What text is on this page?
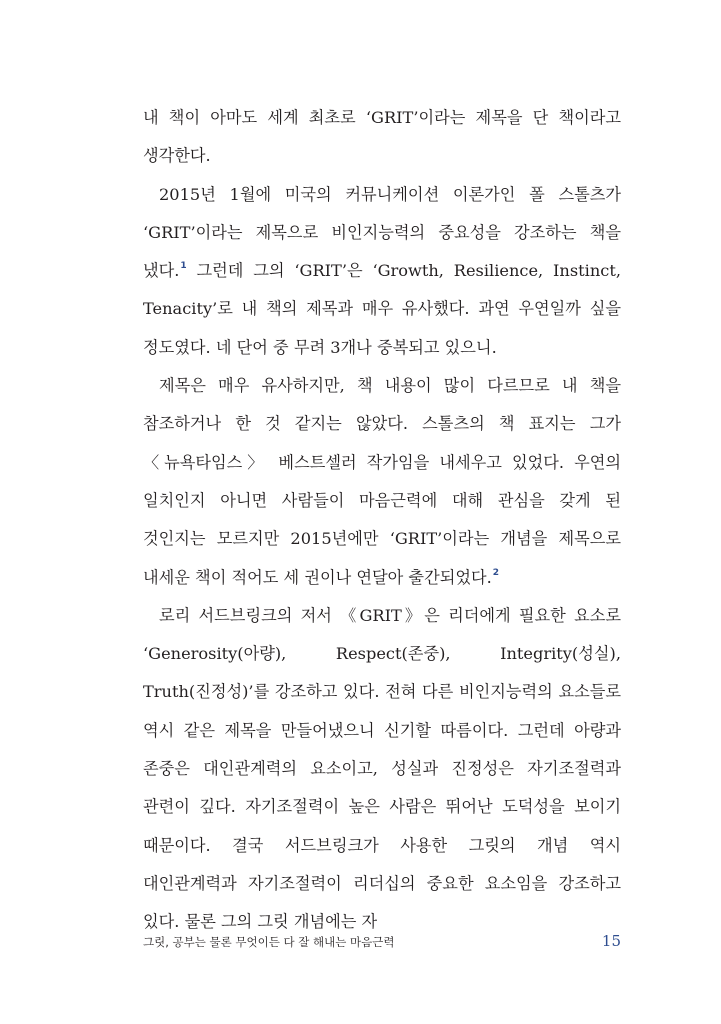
내 책이 아마도 세계 최초로 ‘GRIT’이라는 제목을 단 책이라고 생각한다.

2015년 1월에 미국의 커뮤니케이션 이론가인 폴 스톨츠가 ‘GRIT’이라는 제목으로 비인지능력의 중요성을 강조하는 책을 냈다.$^1$ 그런데 그의 ‘GRIT’은 ‘Growth, Resilience, Instinct, Tenacity’로 내 책의 제목과 매우 유사했다. 과연 우연일까 싶을 정도였다. 네 단어 중 무려 3개나 중복되고 있으니.

제목은 매우 유사하지만, 책 내용이 많이 다르므로 내 책을 참조하거나 한 것 같지는 않았다. 스톨츠의 책 표지는 그가 〈뉴욕타임스〉 베스트셀러 작가임을 내세우고 있었다. 우연의 일치인지 아니면 사람들이 마음근력에 대해 관심을 갖게 된 것인지는 모르지만 2015년에만 ‘GRIT’이라는 개념을 제목으로 내세운 책이 적어도 세 권이나 연달아 출간되었다.$^2$

로리 서드브링크의 저서 《GRIT》은 리더에게 필요한 요소로 ‘Generosity(아량), Respect(존중), Integrity(성실), Truth(진정성)’를 강조하고 있다. 전혀 다른 비인지능력의 요소들로 역시 같은 제목을 만들어냈으니 신기할 따름이다. 그런데 아량과 존중은 대인관계력의 요소이고, 성실과 진정성은 자기조절력과 관련이 깊다. 자기조절력이 높은 사람은 뛰어난 도덕성을 보이기 때문이다. 결국 서드브링크가 사용한 그릿의 개념 역시 대인관계력과 자기조절력이 리더십의 중요한 요소임을 강조하고 있다. 물론 그의 그릿 개념에는 자

그릿, 공부는 물론 무엇이든 다 잘 해내는 마음근력	15
